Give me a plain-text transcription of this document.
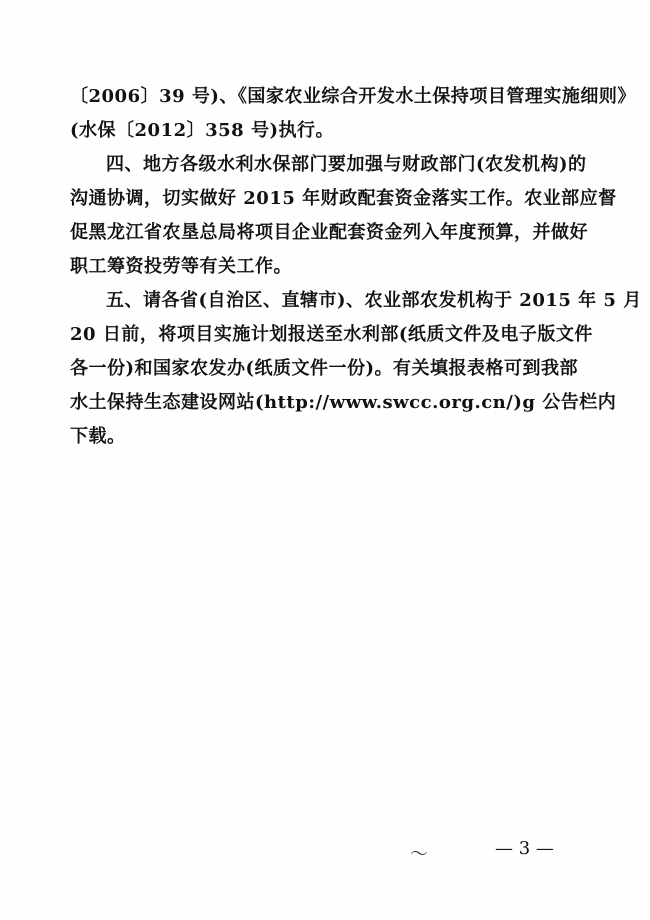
〔2006〕39 号)、《国家农业综合开发水土保持项目管理实施细则》
(水保〔2012〕358 号)执行。
四、地方各级水利水保部门要加强与财政部门(农发机构)的
沟通协调，切实做好 2015 年财政配套资金落实工作。农业部应督
促黑龙江省农垦总局将项目企业配套资金列入年度预算，并做好
职工筹资投劳等有关工作。
五、请各省(自治区、直辖市)、农业部农发机构于 2015 年 5 月
20 日前，将项目实施计划报送至水利部(纸质文件及电子版文件
各一份)和国家农发办(纸质文件一份)。有关填报表格可到我部
水土保持生态建设网站(http://www.swcc.org.cn/)g 公告栏内
下载。
〜	— 3 —
